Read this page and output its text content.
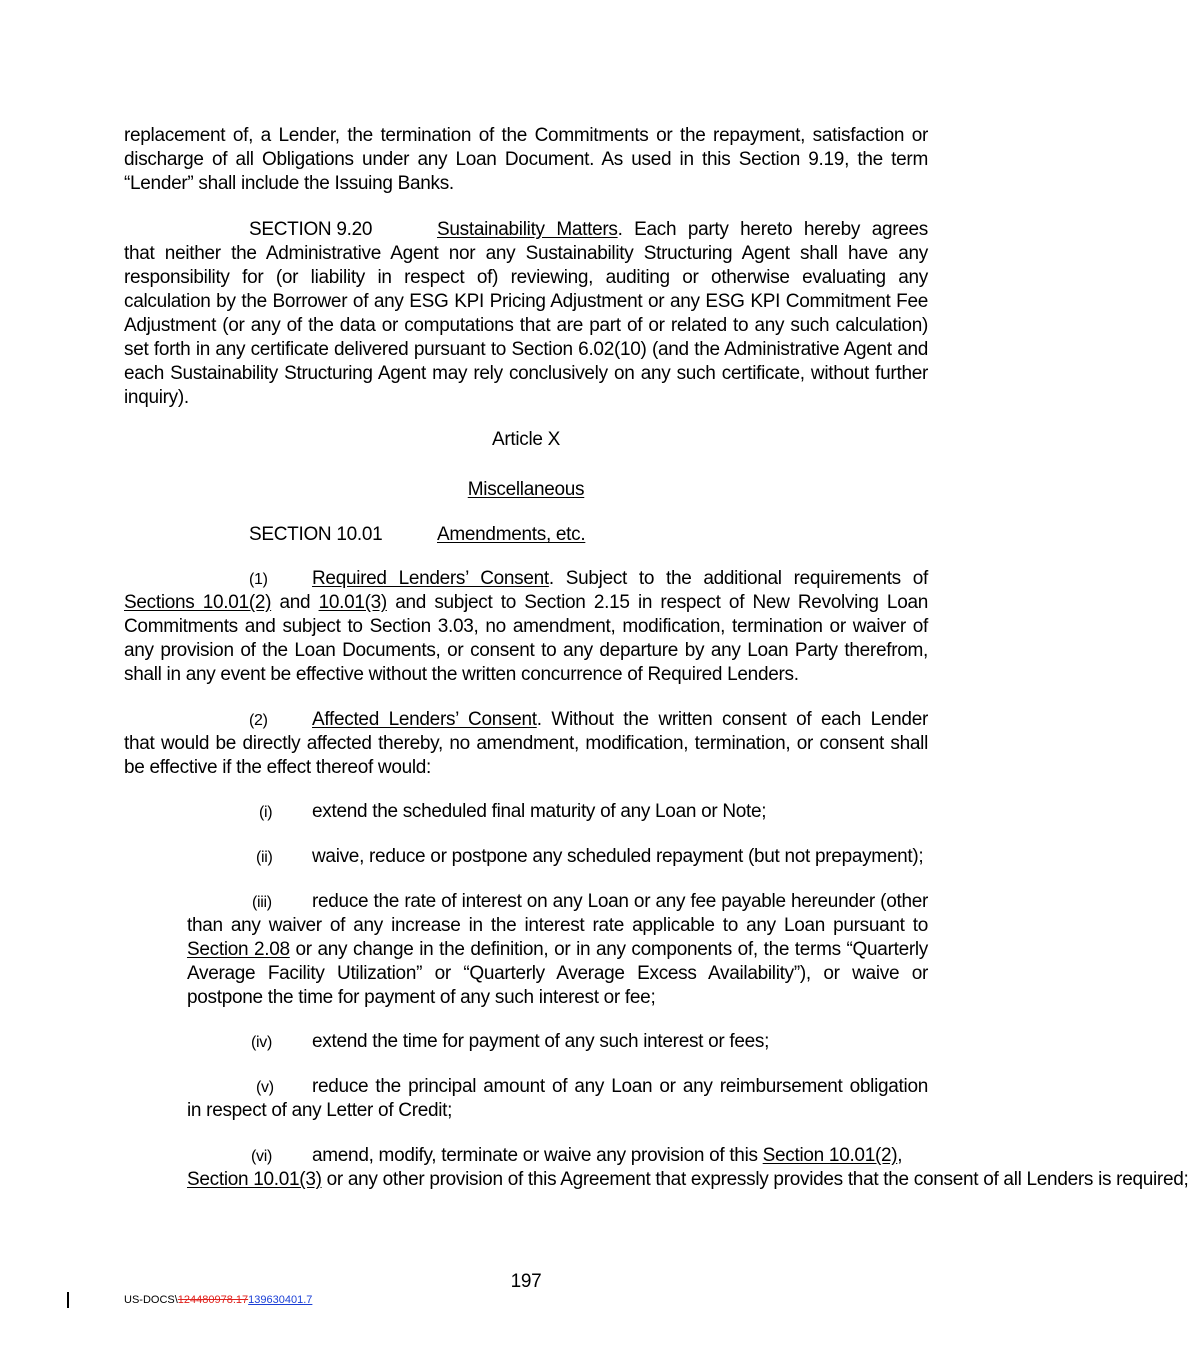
replacement of, a Lender, the termination of the Commitments or the repayment, satisfaction or

discharge of all Obligations under any Loan Document. As used in this Section 9.19, the term

“Lender” shall include the Issuing Banks.

SECTION 9.20	Sustainability Matters. Each party hereto hereby agrees

that neither the Administrative Agent nor any Sustainability Structuring Agent shall have any responsibility for (or liability in respect of) reviewing, auditing or otherwise evaluating any calculation by the Borrower of any ESG KPI Pricing Adjustment or any ESG KPI Commitment Fee Adjustment (or any of the data or computations that are part of or related to any such calculation) set forth in any certificate delivered pursuant to Section 6.02(10) (and the Administrative Agent and each Sustainability Structuring Agent may rely conclusively on any such certificate, without further inquiry).

Article X

Miscellaneous

SECTION 10.01	Amendments, etc.
(1) Required Lenders’ Consent. Subject to the additional requirements of

Sections 10.01(2) and 10.01(3) and subject to Section 2.15 in respect of New Revolving Loan Commitments and subject to Section 3.03, no amendment, modification, termination or waiver of any provision of the Loan Documents, or consent to any departure by any Loan Party therefrom, shall in any event be effective without the written concurrence of Required Lenders.

(2) Affected Lenders’ Consent. Without the written consent of each Lender

that would be directly affected thereby, no amendment, modification, termination, or consent shall be effective if the effect thereof would:

(i) extend the scheduled final maturity of any Loan or Note;
(ii) waive, reduce or postpone any scheduled repayment (but not prepayment);
(iii) reduce the rate of interest on any Loan or any fee payable hereunder (other

than any waiver of any increase in the interest rate applicable to any Loan pursuant to

Section 2.08 or any change in the definition, or in any components of, the terms “Quarterly Average Facility Utilization” or “Quarterly Average Excess Availability”), or waive or postpone the time for payment of any such interest or fee;

(iv) extend the time for payment of any such interest or fees;
(v) reduce the principal amount of any Loan or any reimbursement obligation

in respect of any Letter of Credit;

(vi) amend, modify, terminate or waive any provision of this Section 10.01(2),

Section 10.01(3) or any other provision of this Agreement that expressly provides that the consent of all Lenders is required;

197

US-DOCS\124480978.17139630401.7
